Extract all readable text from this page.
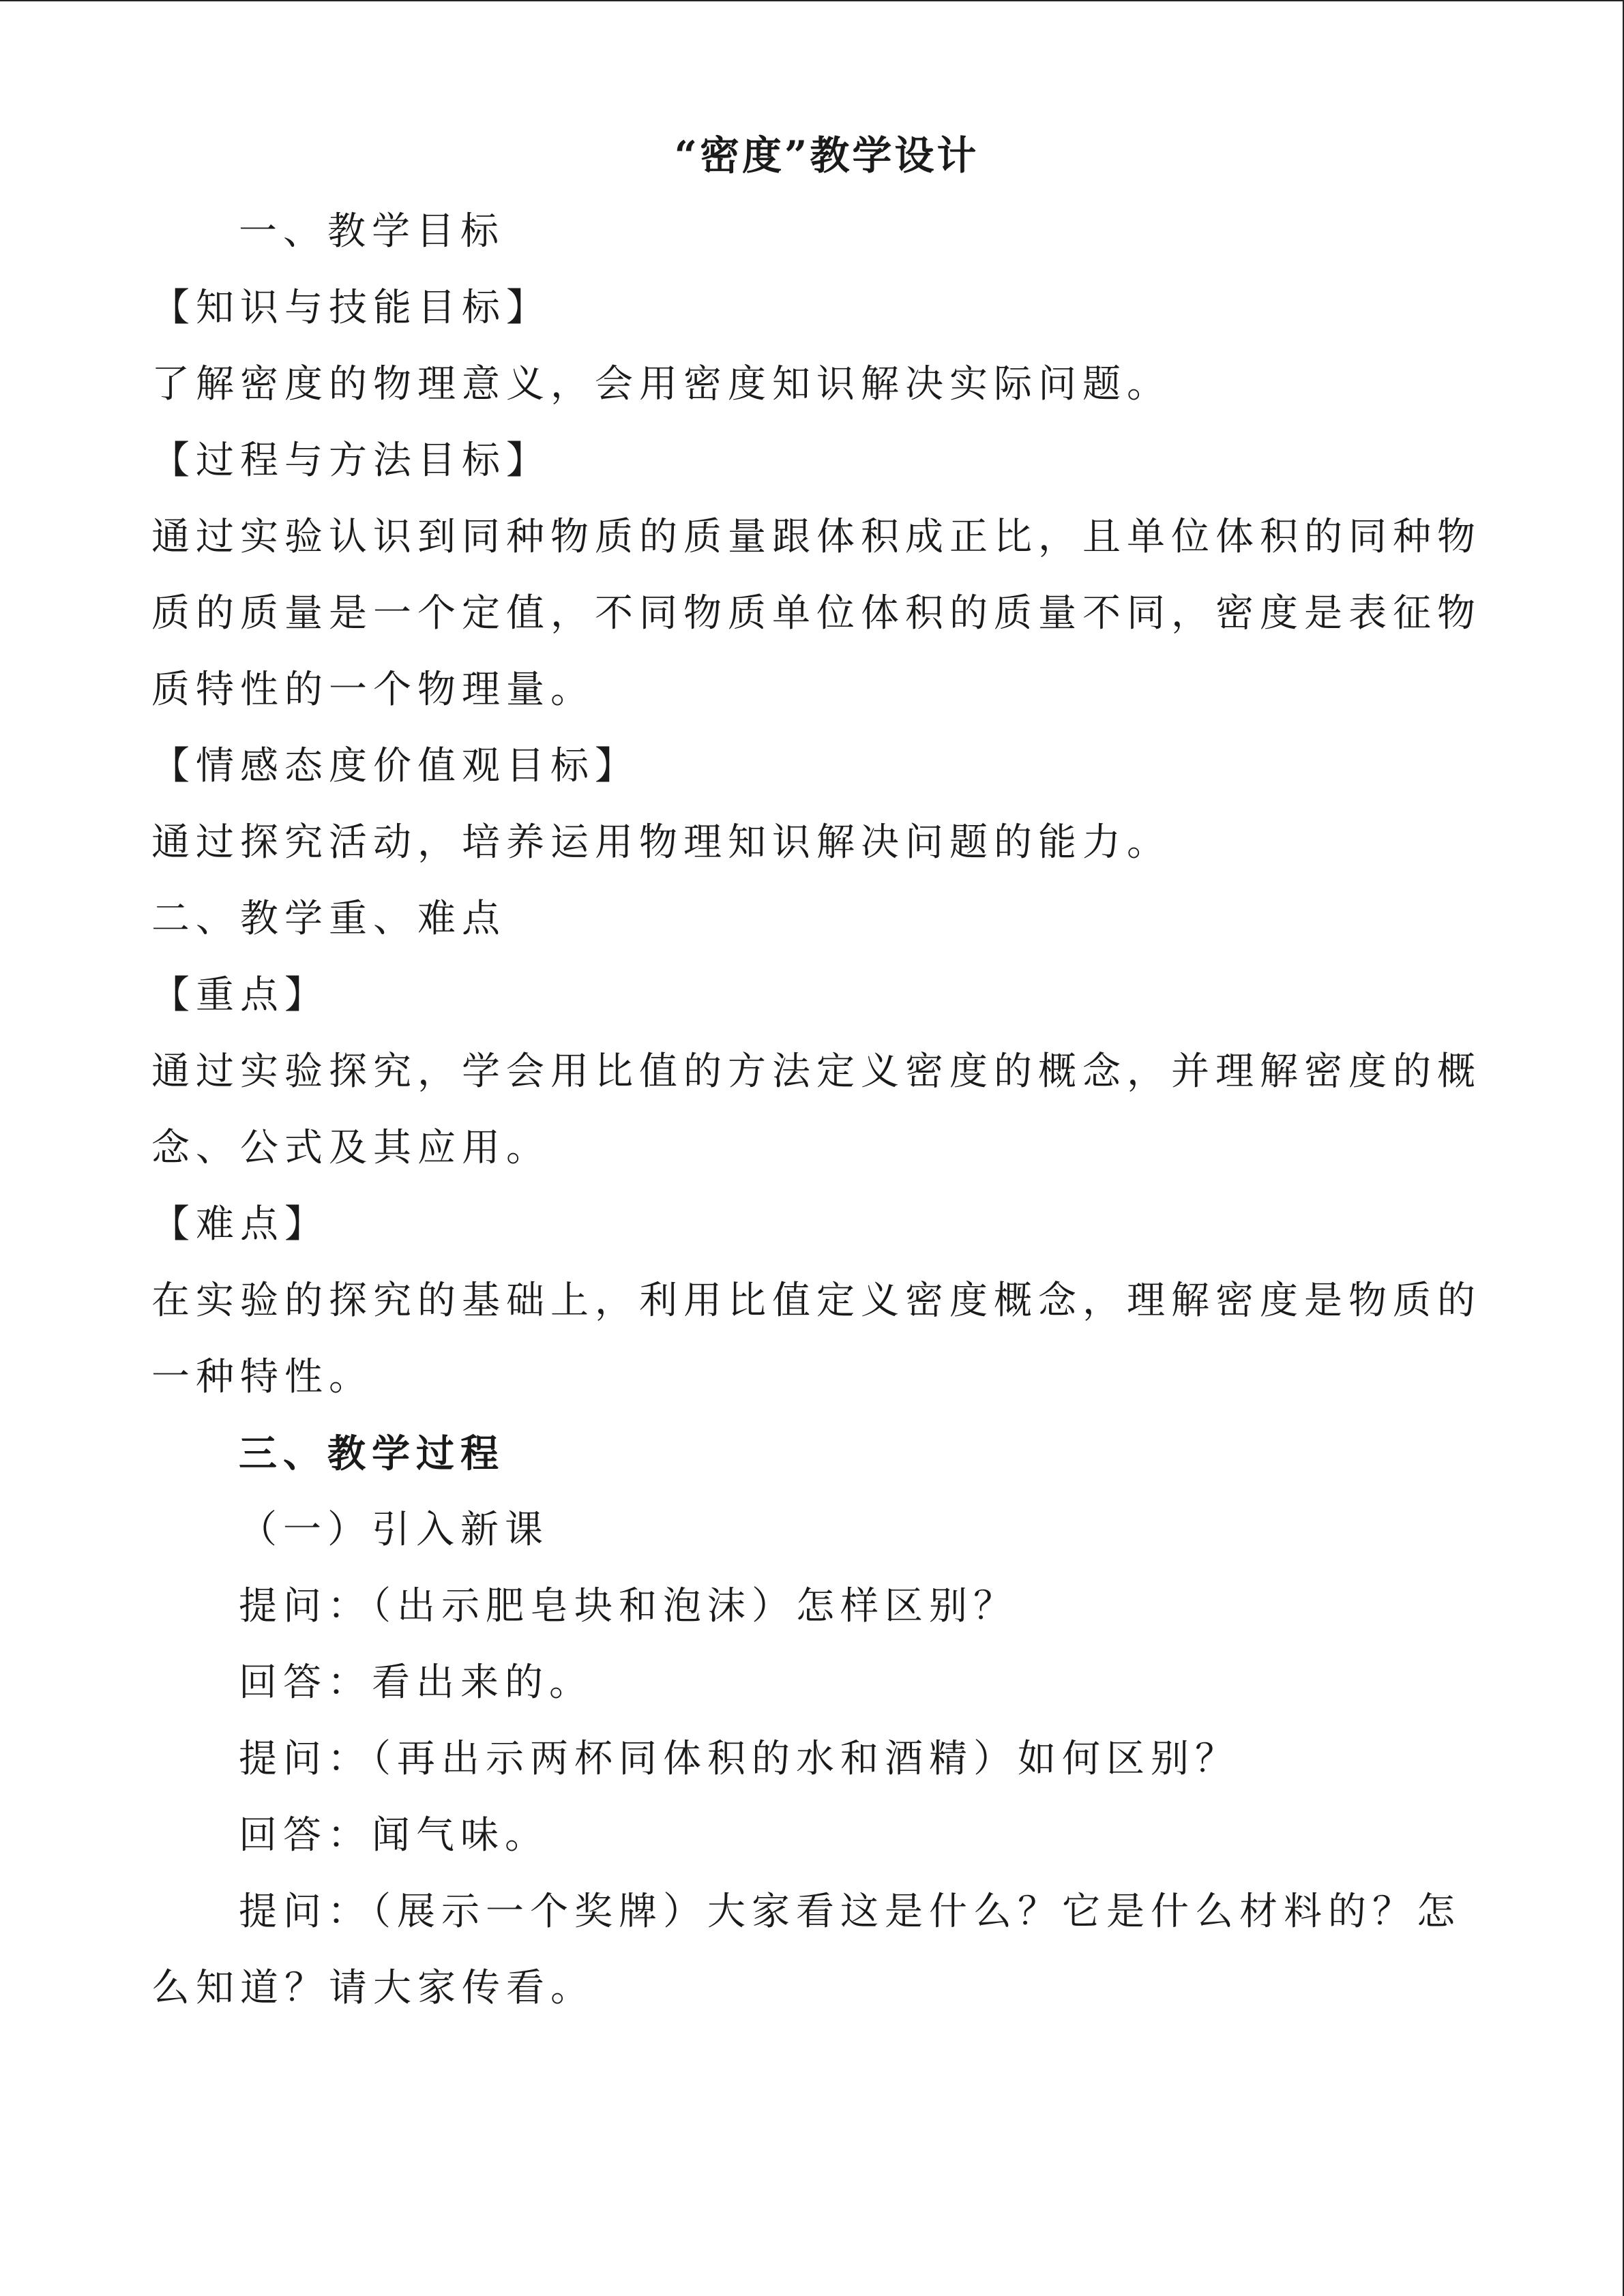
“密度”教学设计
一、教学目标
【知识与技能目标】
了解密度的物理意义，会用密度知识解决实际问题。
【过程与方法目标】
通过实验认识到同种物质的质量跟体积成正比，且单位体积的同种物
质的质量是一个定值，不同物质单位体积的质量不同，密度是表征物
质特性的一个物理量。
【情感态度价值观目标】
通过探究活动，培养运用物理知识解决问题的能力。
二、教学重、难点
【重点】
通过实验探究，学会用比值的方法定义密度的概念，并理解密度的概
念、公式及其应用。
【难点】
在实验的探究的基础上，利用比值定义密度概念，理解密度是物质的
一种特性。
三、教学过程
（一）引入新课
提问：（出示肥皂块和泡沫）怎样区别？
回答：看出来的。
提问：（再出示两杯同体积的水和酒精）如何区别？
回答：闻气味。
提问：（展示一个奖牌）大家看这是什么？它是什么材料的？怎
么知道？请大家传看。
